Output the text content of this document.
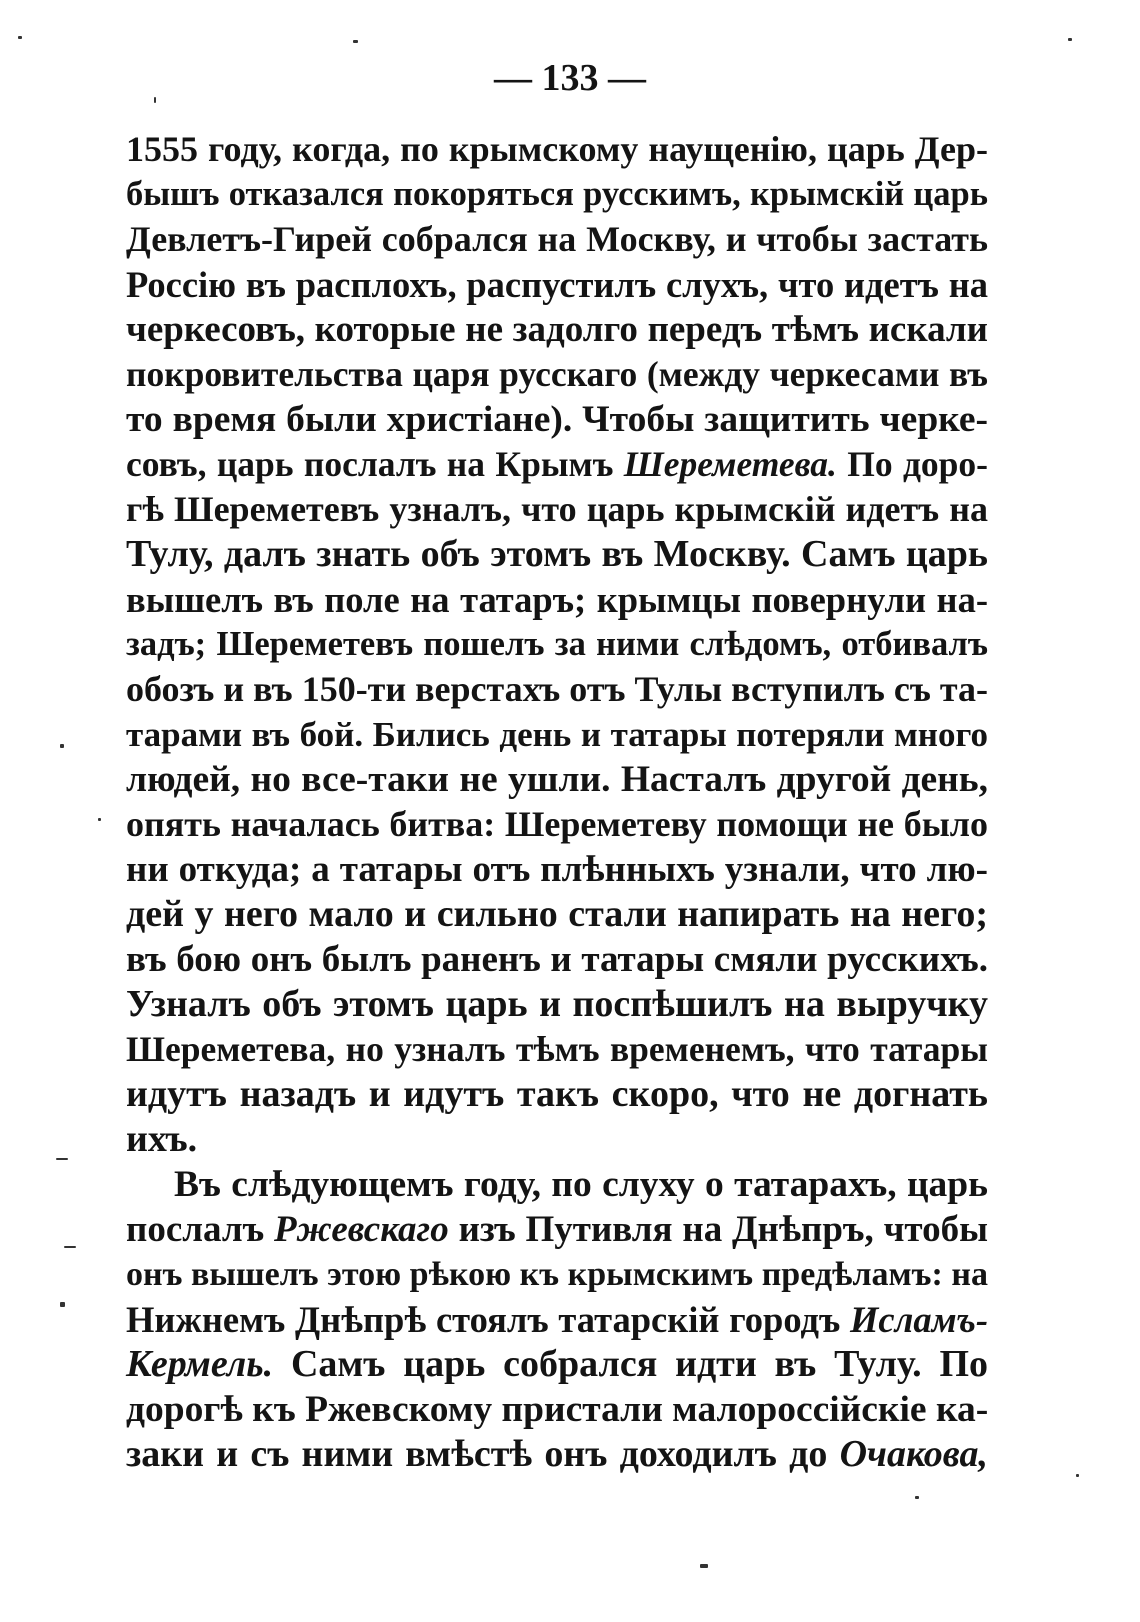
— 133 —
1555 году, когда, по крымскому наущенію, царь Дер-
бышъ отказался покоряться русскимъ, крымскій царь
Девлетъ-Гирей собрался на Москву, и чтобы застать
Россію въ расплохъ, распустилъ слухъ, что идетъ на
черкесовъ, которые не задолго передъ тѣмъ искали
покровительства царя русскаго (между черкесами въ
то время были христіане). Чтобы защитить черке-
совъ, царь послалъ на Крымъ Шереметева. По доро-
гѣ Шереметевъ узналъ, что царь крымскій идетъ на
Тулу, далъ знать объ этомъ въ Москву. Самъ царь
вышелъ въ поле на татаръ; крымцы повернули на-
задъ; Шереметевъ пошелъ за ними слѣдомъ, отбивалъ
обозъ и въ 150-ти верстахъ отъ Тулы вступилъ съ та-
тарами въ бой. Бились день и татары потеряли много
людей, но все-таки не ушли. Насталъ другой день,
опять началась битва: Шереметеву помощи не было
ни откуда; а татары отъ плѣнныхъ узнали, что лю-
дей у него мало и сильно стали напирать на него;
въ бою онъ былъ раненъ и татары смяли русскихъ.
Узналъ объ этомъ царь и поспѣшилъ на выручку
Шереметева, но узналъ тѣмъ временемъ, что татары
идутъ назадъ и идутъ такъ скоро, что не догнать
ихъ.
Въ слѣдующемъ году, по слуху о татарахъ, царь
послалъ Ржевскаго изъ Путивля на Днѣпръ, чтобы
онъ вышелъ этою рѣкою къ крымскимъ предѣламъ: на
Нижнемъ Днѣпрѣ стоялъ татарскій городъ Исламъ-
Кермель. Самъ царь собрался идти въ Тулу. По
дорогѣ къ Ржевскому пристали малороссійскіе ка-
заки и съ ними вмѣстѣ онъ доходилъ до Очакова,
